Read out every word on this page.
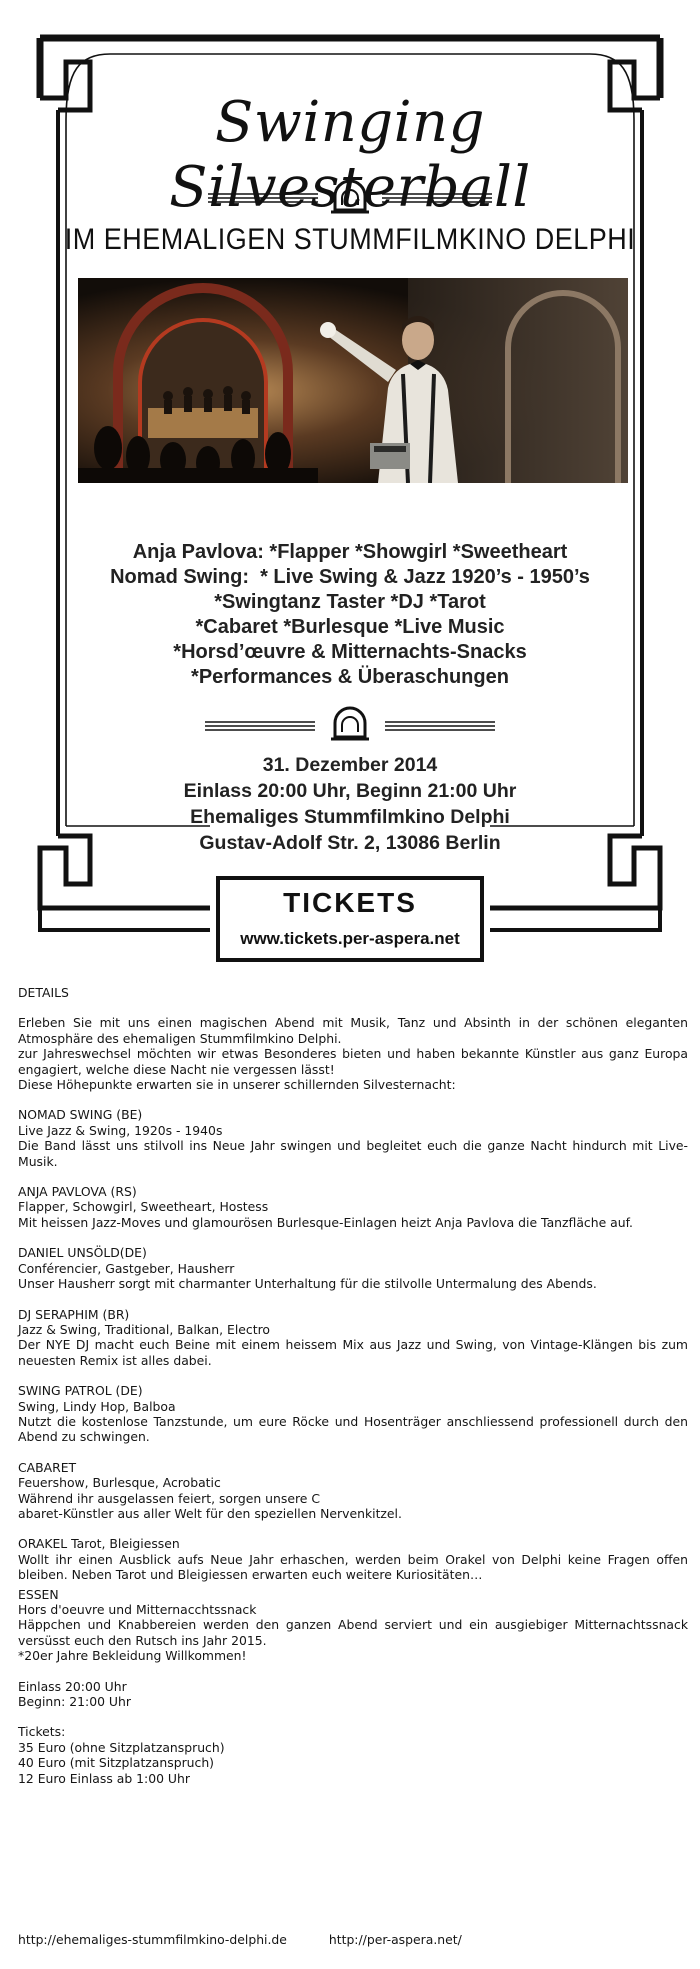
Swinging Silvesterball
IM EHEMALIGEN STUMMFILMKINO DELPHI
Anja Pavlova: *Flapper *Showgirl *Sweetheart
Nomad Swing:  * Live Swing & Jazz 1920’s - 1950’s
*Swingtanz Taster *DJ *Tarot
*Cabaret *Burlesque *Live Music
*Horsd’œuvre & Mitternachts-Snacks
*Performances & Überaschungen
31. Dezember 2014
Einlass 20:00 Uhr, Beginn 21:00 Uhr
Ehemaliges Stummfilmkino Delphi
Gustav-Adolf Str. 2, 13086 Berlin
TICKETS
www.tickets.per-aspera.net

DETAILS

Erleben Sie mit uns einen magischen Abend mit Musik, Tanz und Absinth in der schönen eleganten Atmosphäre des ehemaligen Stummfilmkino Delphi.

zur Jahreswechsel möchten wir etwas Besonderes bieten und haben bekannte Künstler aus ganz Europa engagiert, welche diese Nacht nie vergessen lässt!

Diese Höhepunkte erwarten sie in unserer schillernden Silvesternacht:

NOMAD SWING (BE)

Live Jazz & Swing, 1920s - 1940s

Die Band lässt uns stilvoll ins Neue Jahr swingen und begleitet euch die ganze Nacht hindurch mit Live-Musik.

ANJA PAVLOVA (RS)

Flapper, Schowgirl, Sweetheart, Hostess

Mit heissen Jazz-Moves und glamourösen Burlesque-Einlagen heizt Anja Pavlova die Tanzfläche auf.

DANIEL UNSÖLD(DE)

Conférencier, Gastgeber, Hausherr

Unser Hausherr sorgt mit charmanter Unterhaltung für die stilvolle Untermalung des Abends.

DJ SERAPHIM (BR)

Jazz & Swing, Traditional, Balkan, Electro

Der NYE DJ macht euch Beine mit einem heissem Mix aus Jazz und Swing, von Vintage-Klängen bis zum neuesten Remix ist alles dabei.

SWING PATROL (DE)

Swing, Lindy Hop, Balboa

Nutzt die kostenlose Tanzstunde, um eure Röcke und Hosenträger anschliessend professionell durch den Abend zu schwingen.

CABARET

Feuershow, Burlesque, Acrobatic

Während ihr ausgelassen feiert, sorgen unsere C

abaret-Künstler aus aller Welt für den speziellen Nervenkitzel.

ORAKEL Tarot, Bleigiessen

Wollt ihr einen Ausblick aufs Neue Jahr erhaschen, werden beim Orakel von Delphi keine Fragen offen bleiben. Neben Tarot und Bleigiessen erwarten euch weitere Kuriositäten…

ESSEN

Hors d'oeuvre und Mitternacchtssnack

Häppchen und Knabbereien werden den ganzen Abend serviert und ein ausgiebiger Mitternachtssnack versüsst euch den Rutsch ins Jahr 2015.

*20er Jahre Bekleidung Willkommen!

Einlass 20:00 Uhr

Beginn: 21:00 Uhr

Tickets:

35 Euro (ohne Sitzplatzanspruch)

40 Euro (mit Sitzplatzanspruch)

12 Euro Einlass ab 1:00 Uhr

http://ehemaliges-stummfilmkino-delphi.de	http://per-aspera.net/
